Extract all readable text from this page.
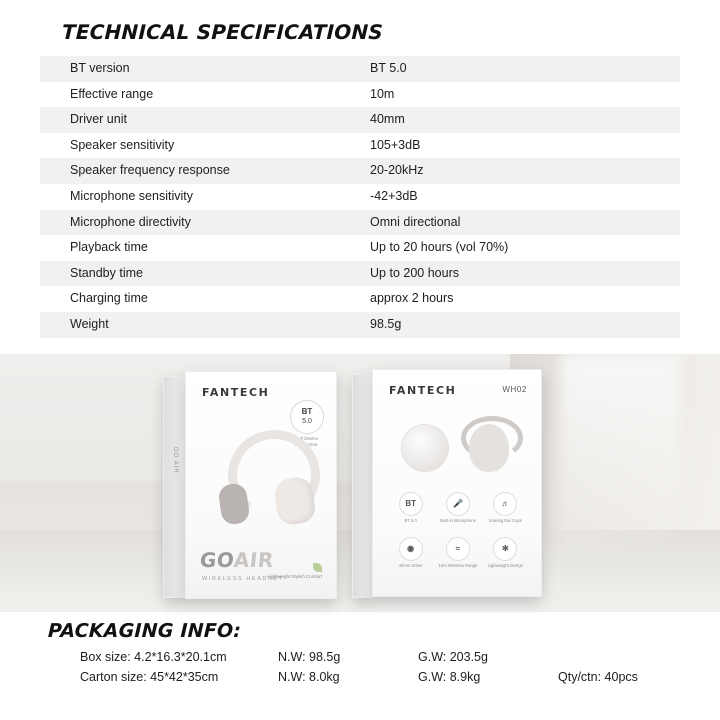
TECHNICAL SPECIFICATIONS
BT version	BT 5.0
Effective range	10m
Driver unit	40mm
Speaker sensitivity	105+3dB
Speaker frequency response	20-20kHz
Microphone sensitivity	-42+3dB
Microphone directivity	Omni directional
Playback time	Up to 20 hours (vol 70%)
Standby time	Up to 200 hours
Charging time	approx 2 hours
Weight	98.5g
GO AIR
FANTECH	WH02
BT
BT 5.0
🎤
Built-in Microphone
♬
Soaring Ear Cups
◉
40mm Driver
≈
10m Wireless Range
✻
Lightweight Design
FANTECH
BT
5.0
Dual Device Connection
GOAIR
WIRELESS HEADSET
Lightweight Stylish Comfort
PACKAGING INFO:
Box size: 4.2*16.3*20.1cm	N.W: 98.5g	G.W: 203.5g
Carton size: 45*42*35cm	N.W: 8.0kg	G.W: 8.9kg	Qty/ctn: 40pcs
